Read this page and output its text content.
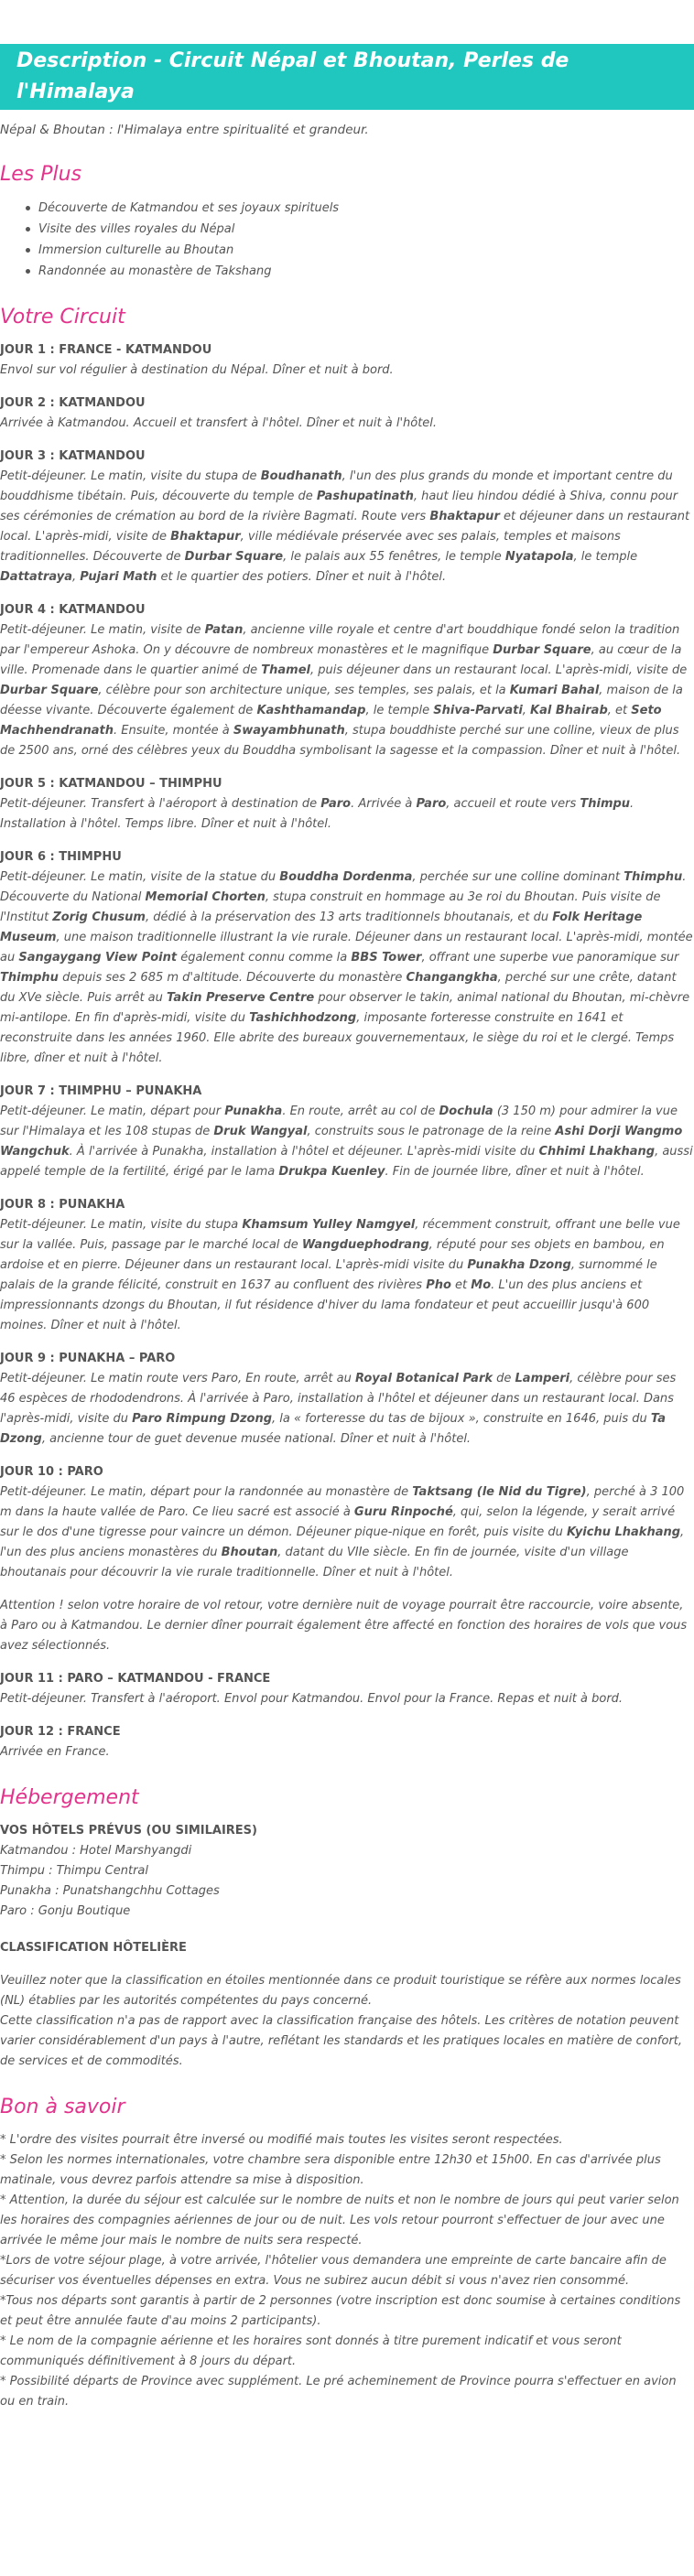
Description - Circuit Népal et Bhoutan, Perles de l'Himalaya

Népal & Bhoutan : l'Himalaya entre spiritualité et grandeur.

Les Plus
Découverte de Katmandou et ses joyaux spirituels
Visite des villes royales du Népal
Immersion culturelle au Bhoutan
Randonnée au monastère de Takshang
Votre Circuit

JOUR 1 : FRANCE - KATMANDOU

Envol sur vol régulier à destination du Népal. Dîner et nuit à bord.

JOUR 2 : KATMANDOU

Arrivée à Katmandou. Accueil et transfert à l'hôtel. Dîner et nuit à l'hôtel.

JOUR 3 : KATMANDOU

Petit-déjeuner. Le matin, visite du stupa de Boudhanath, l'un des plus grands du monde et important centre du bouddhisme tibétain. Puis, découverte du temple de Pashupatinath, haut lieu hindou dédié à Shiva, connu pour ses cérémonies de crémation au bord de la rivière Bagmati. Route vers Bhaktapur et déjeuner dans un restaurant local. L'après-midi, visite de Bhaktapur, ville médiévale préservée avec ses palais, temples et maisons traditionnelles. Découverte de Durbar Square, le palais aux 55 fenêtres, le temple Nyatapola, le temple Dattatraya, Pujari Math et le quartier des potiers. Dîner et nuit à l'hôtel.

JOUR 4 : KATMANDOU

Petit-déjeuner. Le matin, visite de Patan, ancienne ville royale et centre d'art bouddhique fondé selon la tradition par l'empereur Ashoka. On y découvre de nombreux monastères et le magnifique Durbar Square, au cœur de la ville. Promenade dans le quartier animé de Thamel, puis déjeuner dans un restaurant local. L'après-midi, visite de Durbar Square, célèbre pour son architecture unique, ses temples, ses palais, et la Kumari Bahal, maison de la déesse vivante. Découverte également de Kashthamandap, le temple Shiva-Parvati, Kal Bhairab, et Seto Machhendranath. Ensuite, montée à Swayambhunath, stupa bouddhiste perché sur une colline, vieux de plus de 2500 ans, orné des célèbres yeux du Bouddha symbolisant la sagesse et la compassion. Dîner et nuit à l'hôtel.

JOUR 5 : KATMANDOU – THIMPHU

Petit-déjeuner. Transfert à l'aéroport à destination de Paro. Arrivée à Paro, accueil et route vers Thimpu. Installation à l'hôtel. Temps libre. Dîner et nuit à l'hôtel.

JOUR 6 : THIMPHU

Petit-déjeuner. Le matin, visite de la statue du Bouddha Dordenma, perchée sur une colline dominant Thimphu. Découverte du National Memorial Chorten, stupa construit en hommage au 3e roi du Bhoutan. Puis visite de l'Institut Zorig Chusum, dédié à la préservation des 13 arts traditionnels bhoutanais, et du Folk Heritage Museum, une maison traditionnelle illustrant la vie rurale. Déjeuner dans un restaurant local. L'après-midi, montée au Sangaygang View Point également connu comme la BBS Tower, offrant une superbe vue panoramique sur Thimphu depuis ses 2 685 m d'altitude. Découverte du monastère Changangkha, perché sur une crête, datant du XVe siècle. Puis arrêt au Takin Preserve Centre pour observer le takin, animal national du Bhoutan, mi-chèvre mi-antilope. En fin d'après-midi, visite du Tashichhodzong, imposante forteresse construite en 1641 et reconstruite dans les années 1960. Elle abrite des bureaux gouvernementaux, le siège du roi et le clergé. Temps libre, dîner et nuit à l'hôtel.

JOUR 7 : THIMPHU – PUNAKHA

Petit-déjeuner. Le matin, départ pour Punakha. En route, arrêt au col de Dochula (3 150 m) pour admirer la vue sur l'Himalaya et les 108 stupas de Druk Wangyal, construits sous le patronage de la reine Ashi Dorji Wangmo Wangchuk. À l'arrivée à Punakha, installation à l'hôtel et déjeuner. L'après-midi visite du Chhimi Lhakhang, aussi appelé temple de la fertilité, érigé par le lama Drukpa Kuenley. Fin de journée libre, dîner et nuit à l'hôtel.

JOUR 8 : PUNAKHA

Petit-déjeuner. Le matin, visite du stupa Khamsum Yulley Namgyel, récemment construit, offrant une belle vue sur la vallée. Puis, passage par le marché local de Wangduephodrang, réputé pour ses objets en bambou, en ardoise et en pierre. Déjeuner dans un restaurant local. L'après-midi visite du Punakha Dzong, surnommé le palais de la grande félicité, construit en 1637 au confluent des rivières Pho et Mo. L'un des plus anciens et impressionnants dzongs du Bhoutan, il fut résidence d'hiver du lama fondateur et peut accueillir jusqu'à 600 moines. Dîner et nuit à l'hôtel.

JOUR 9 : PUNAKHA – PARO

Petit-déjeuner. Le matin route vers Paro, En route, arrêt au Royal Botanical Park de Lamperi, célèbre pour ses 46 espèces de rhododendrons. À l'arrivée à Paro, installation à l'hôtel et déjeuner dans un restaurant local. Dans l'après-midi, visite du Paro Rimpung Dzong, la « forteresse du tas de bijoux », construite en 1646, puis du Ta Dzong, ancienne tour de guet devenue musée national. Dîner et nuit à l'hôtel.

JOUR 10 : PARO

Petit-déjeuner. Le matin, départ pour la randonnée au monastère de Taktsang (le Nid du Tigre), perché à 3 100 m dans la haute vallée de Paro. Ce lieu sacré est associé à Guru Rinpoché, qui, selon la légende, y serait arrivé sur le dos d'une tigresse pour vaincre un démon. Déjeuner pique-nique en forêt, puis visite du Kyichu Lhakhang, l'un des plus anciens monastères du Bhoutan, datant du VIIe siècle. En fin de journée, visite d'un village bhoutanais pour découvrir la vie rurale traditionnelle. Dîner et nuit à l'hôtel.

Attention ! selon votre horaire de vol retour, votre dernière nuit de voyage pourrait être raccourcie, voire absente, à Paro ou à Katmandou. Le dernier dîner pourrait également être affecté en fonction des horaires de vols que vous avez sélectionnés.

JOUR 11 : PARO – KATMANDOU - FRANCE

Petit-déjeuner. Transfert à l'aéroport. Envol pour Katmandou. Envol pour la France. Repas et nuit à bord.

JOUR 12 : FRANCE

Arrivée en France.

Hébergement

VOS HÔTELS PRÉVUS (OU SIMILAIRES)

Katmandou : Hotel Marshyangdi

Thimpu : Thimpu Central

Punakha : Punatshangchhu Cottages

Paro : Gonju Boutique

CLASSIFICATION HÔTELIÈRE

Veuillez noter que la classification en étoiles mentionnée dans ce produit touristique se réfère aux normes locales (NL) établies par les autorités compétentes du pays concerné.

Cette classification n'a pas de rapport avec la classification française des hôtels. Les critères de notation peuvent varier considérablement d'un pays à l'autre, reflétant les standards et les pratiques locales en matière de confort, de services et de commodités.

Bon à savoir

* L'ordre des visites pourrait être inversé ou modifié mais toutes les visites seront respectées.

* Selon les normes internationales, votre chambre sera disponible entre 12h30 et 15h00. En cas d'arrivée plus matinale, vous devrez parfois attendre sa mise à disposition.

* Attention, la durée du séjour est calculée sur le nombre de nuits et non le nombre de jours qui peut varier selon les horaires des compagnies aériennes de jour ou de nuit. Les vols retour pourront s'effectuer de jour avec une arrivée le même jour mais le nombre de nuits sera respecté.

*Lors de votre séjour plage, à votre arrivée, l'hôtelier vous demandera une empreinte de carte bancaire afin de sécuriser vos éventuelles dépenses en extra. Vous ne subirez aucun débit si vous n'avez rien consommé.

*Tous nos départs sont garantis à partir de 2 personnes (votre inscription est donc soumise à certaines conditions et peut être annulée faute d'au moins 2 participants).

* Le nom de la compagnie aérienne et les horaires sont donnés à titre purement indicatif et vous seront communiqués définitivement à 8 jours du départ.

* Possibilité départs de Province avec supplément. Le pré acheminement de Province pourra s'effectuer en avion ou en train.
